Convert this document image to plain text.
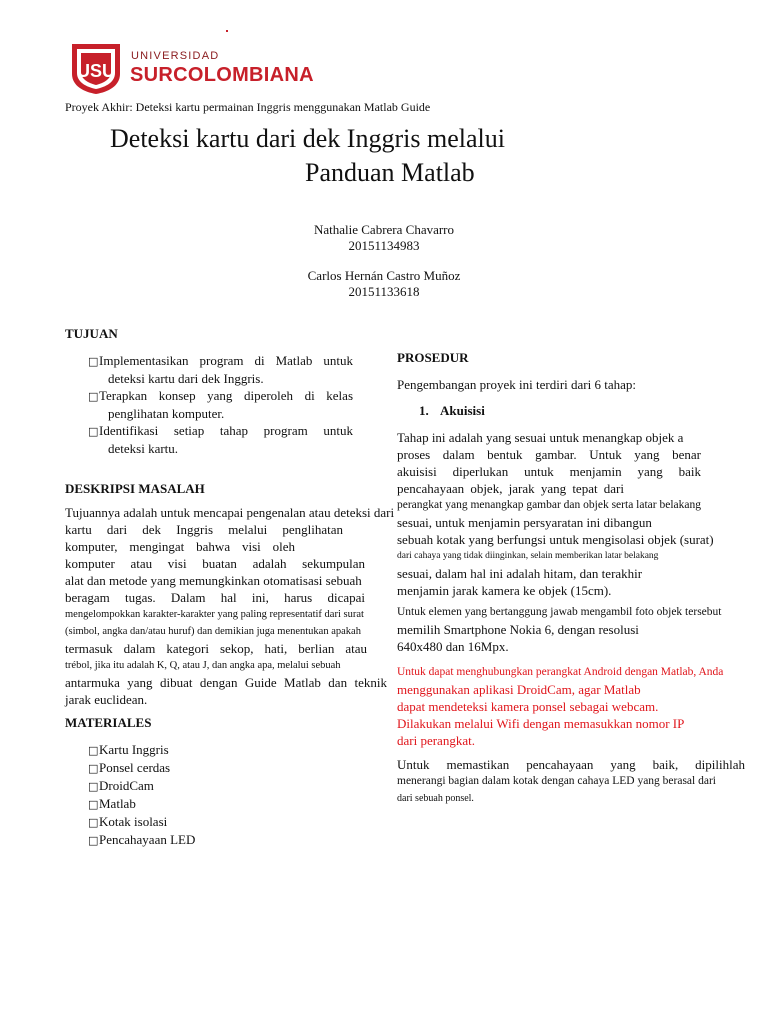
USU
UNIVERSIDAD
SURCOLOMBIANA
Proyek Akhir: Deteksi kartu permainan Inggris menggunakan Matlab Guide
Deteksi kartu dari dek Inggris melalui
Panduan Matlab
Nathalie Cabrera Chavarro
20151134983
Carlos Hernán Castro Muñoz
20151133618
TUJUAN
□Implementasikan program di Matlab untuk
deteksi kartu dari dek Inggris.
□Terapkan konsep yang diperoleh di kelas
penglihatan komputer.
□Identifikasi setiap tahap program untuk
deteksi kartu.
DESKRIPSI MASALAH
Tujuannya adalah untuk mencapai pengenalan atau deteksi dari
kartu dari dek Inggris melalui penglihatan
komputer, mengingat bahwa visi oleh
komputer atau visi buatan adalah sekumpulan
alat dan metode yang memungkinkan otomatisasi sebuah
beragam tugas. Dalam hal ini, harus dicapai
mengelompokkan karakter-karakter yang paling representatif dari surat
(simbol, angka dan/atau huruf) dan demikian juga menentukan apakah
termasuk dalam kategori sekop, hati, berlian atau
trébol, jika itu adalah K, Q, atau J, dan angka apa, melalui sebuah
antarmuka yang dibuat dengan Guide Matlab dan teknik
jarak euclidean.
MATERIALES
□Kartu Inggris
□Ponsel cerdas
□DroidCam
□Matlab
□Kotak isolasi
□Pencahayaan LED
PROSEDUR
Pengembangan proyek ini terdiri dari 6 tahap:
1. Akuisisi
Tahap ini adalah yang sesuai untuk menangkap objek a
proses dalam bentuk gambar. Untuk yang benar
akuisisi diperlukan untuk menjamin yang baik
pencahayaan objek, jarak yang tepat dari
perangkat yang menangkap gambar dan objek serta latar belakang
sesuai, untuk menjamin persyaratan ini dibangun
sebuah kotak yang berfungsi untuk mengisolasi objek (surat)
dari cahaya yang tidak diinginkan, selain memberikan latar belakang
sesuai, dalam hal ini adalah hitam, dan terakhir
menjamin jarak kamera ke objek (15cm).
Untuk elemen yang bertanggung jawab mengambil foto objek tersebut
memilih Smartphone Nokia 6, dengan resolusi
640x480 dan 16Mpx.
Untuk dapat menghubungkan perangkat Android dengan Matlab, Anda
menggunakan aplikasi DroidCam, agar Matlab
dapat mendeteksi kamera ponsel sebagai webcam.
Dilakukan melalui Wifi dengan memasukkan nomor IP
dari perangkat.
Untuk memastikan pencahayaan yang baik, dipilihlah
menerangi bagian dalam kotak dengan cahaya LED yang berasal dari
dari sebuah ponsel.
